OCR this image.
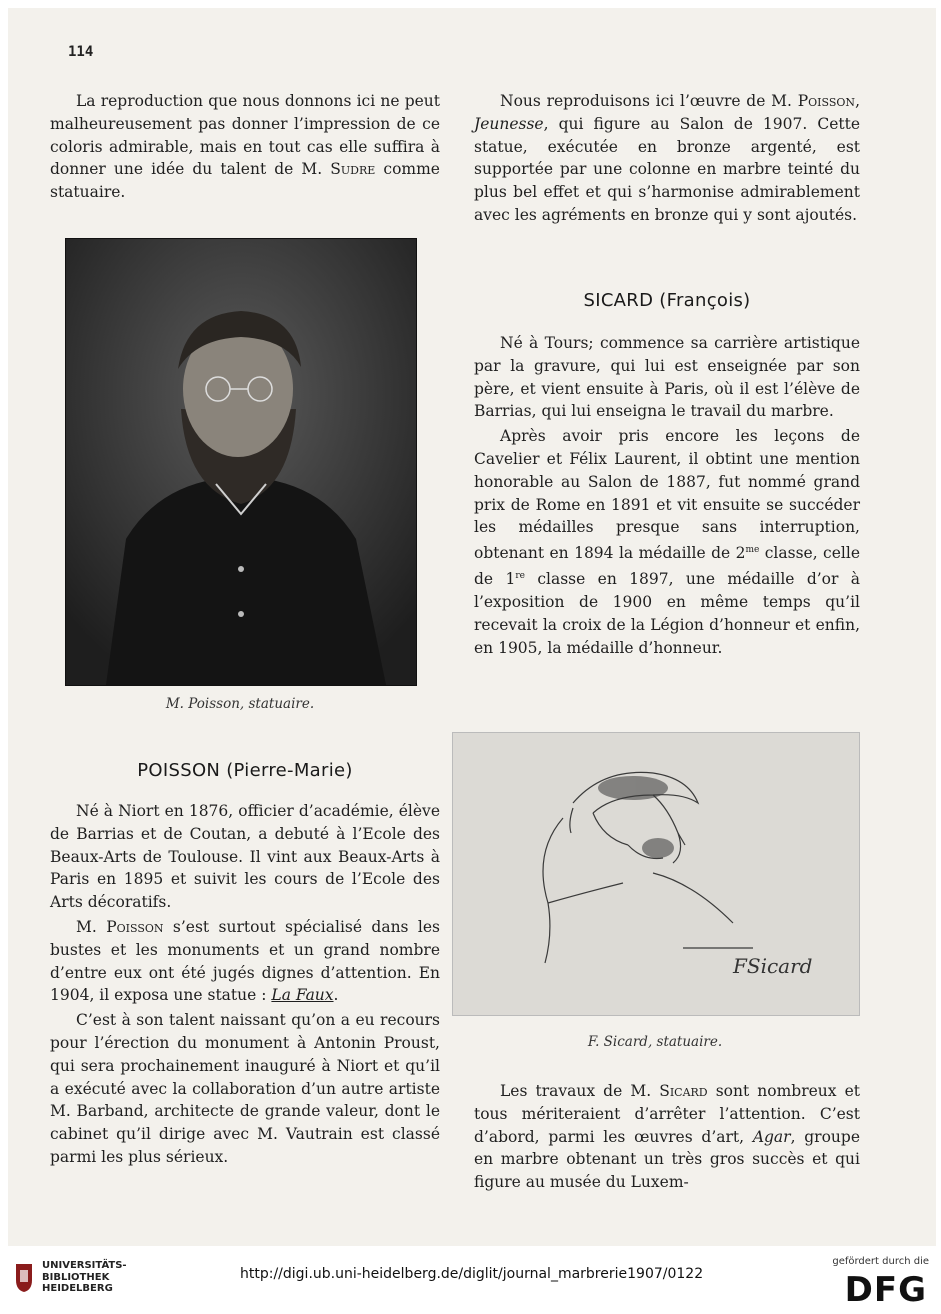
114

La reproduction que nous donnons ici ne peut malheureusement pas donner l’impression de ce coloris admirable, mais en tout cas elle suffira à donner une idée du talent de M. Sudre comme statuaire.

M. Poisson, statuaire.
POISSON (Pierre-Marie)

Né à Niort en 1876, officier d’académie, élève de Barrias et de Coutan, a debuté à l’Ecole des Beaux-Arts de Toulouse. Il vint aux Beaux-Arts à Paris en 1895 et suivit les cours de l’Ecole des Arts décoratifs.

M. Poisson s’est surtout spécialisé dans les bustes et les monuments et un grand nombre d’entre eux ont été jugés dignes d’attention. En 1904, il exposa une statue : La Faux.

C’est à son talent naissant qu’on a eu recours pour l’érection du monument à Antonin Proust, qui sera prochainement inauguré à Niort et qu’il a exécuté avec la collaboration d’un autre artiste M. Barband, architecte de grande valeur, dont le cabinet qu’il dirige avec M. Vautrain est classé parmi les plus sérieux.

Nous reproduisons ici l’œuvre de M. Poisson, Jeunesse, qui figure au Salon de 1907. Cette statue, exécutée en bronze argenté, est supportée par une colonne en marbre teinté du plus bel effet et qui s’harmonise admirablement avec les agréments en bronze qui y sont ajoutés.

SICARD (François)

Né à Tours; commence sa carrière artistique par la gravure, qui lui est enseignée par son père, et vient ensuite à Paris, où il est l’élève de Barrias, qui lui enseigna le travail du marbre.

Après avoir pris encore les leçons de Cavelier et Félix Laurent, il obtint une mention honorable au Salon de 1887, fut nommé grand prix de Rome en 1891 et vit ensuite se succéder les médailles presque sans interruption, obtenant en 1894 la médaille de $2^{me}$ classe, celle de 1re classe en 1897, une médaille d’or à l’exposition de 1900 en même temps qu’il recevait la croix de la Légion d’honneur et enfin, en 1905, la médaille d’honneur.

FSicard
F. Sicard, statuaire.

Les travaux de M. Sicard sont nombreux et tous mériteraient d’arrêter l’attention. C’est d’abord, parmi les œuvres d’art, Agar, groupe en marbre obtenant un très gros succès et qui figure au musée du Luxem-

UNIVERSITÄTS-
BIBLIOTHEK
HEIDELBERG
http://digi.ub.uni-heidelberg.de/diglit/journal_marbrerie1907/0122
gefördert durch die
DFG
